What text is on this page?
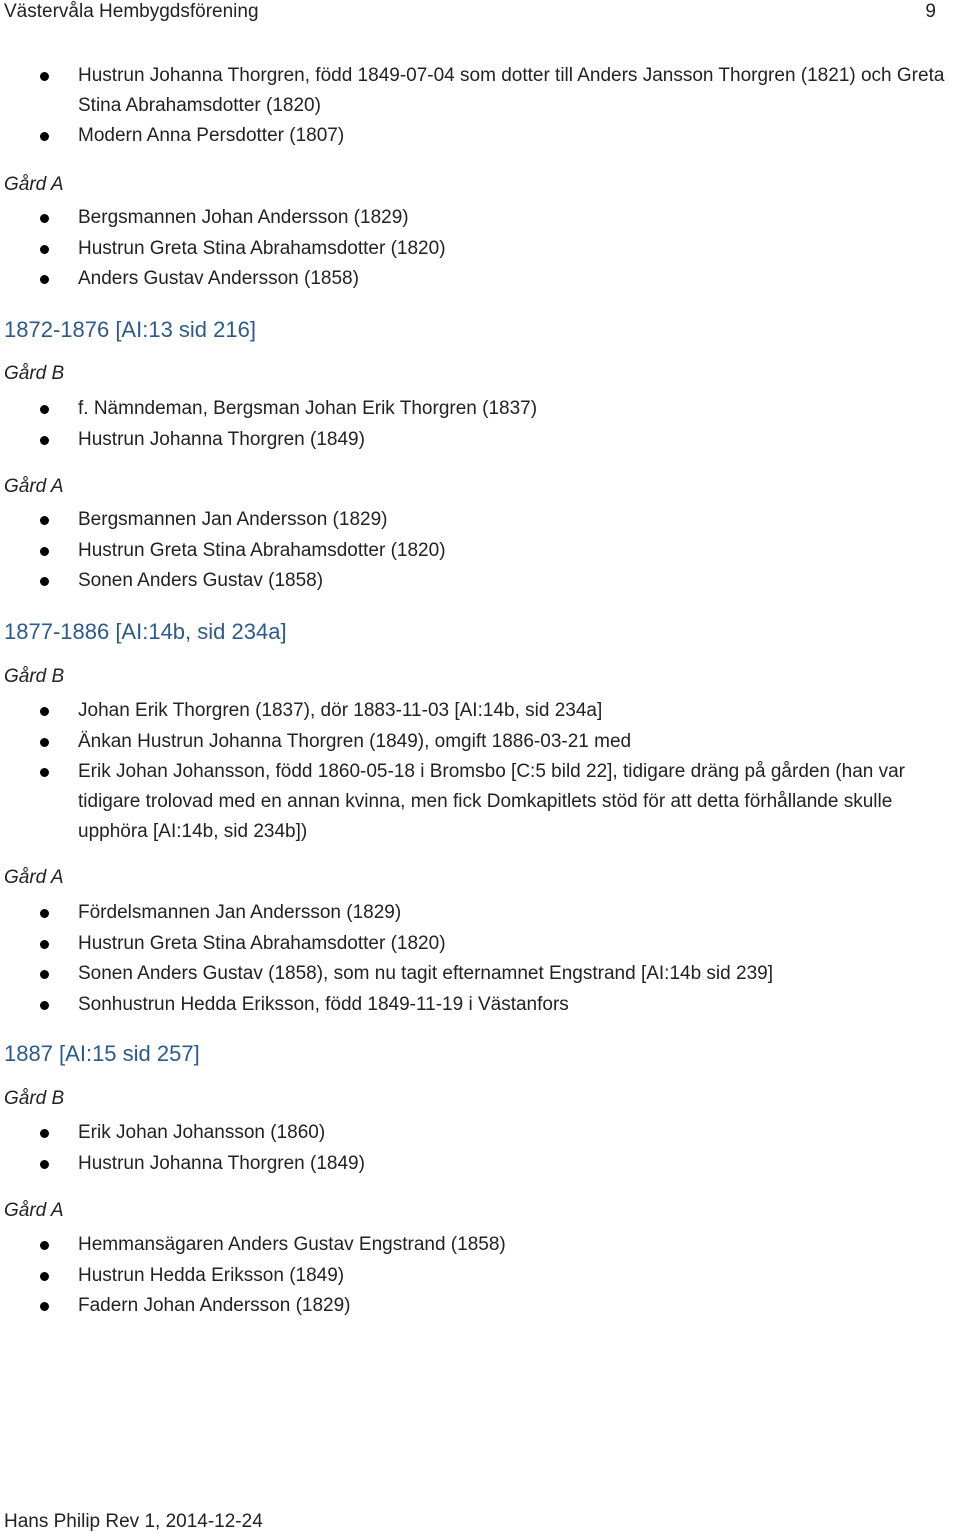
Västervåla Hembygdsförening	9
Hustrun Johanna Thorgren, född 1849-07-04 som dotter till Anders Jansson Thorgren (1821) och Greta Stina Abrahamsdotter (1820)
Modern Anna Persdotter (1807)
Gård A
Bergsmannen Johan Andersson (1829)
Hustrun Greta Stina Abrahamsdotter (1820)
Anders Gustav Andersson (1858)
1872-1876 [AI:13 sid 216]
Gård B
f. Nämndeman, Bergsman Johan Erik Thorgren (1837)
Hustrun Johanna Thorgren (1849)
Gård A
Bergsmannen Jan Andersson (1829)
Hustrun Greta Stina Abrahamsdotter (1820)
Sonen Anders Gustav (1858)
1877-1886 [AI:14b, sid 234a]
Gård B
Johan Erik Thorgren (1837), dör 1883-11-03 [AI:14b, sid 234a]
Änkan Hustrun Johanna Thorgren (1849), omgift 1886-03-21 med
Erik Johan Johansson, född 1860-05-18 i Bromsbo [C:5 bild 22], tidigare dräng på gården (han var tidigare trolovad med en annan kvinna, men fick Domkapitlets stöd för att detta förhållande skulle upphöra [AI:14b, sid 234b])
Gård A
Fördelsmannen Jan Andersson (1829)
Hustrun Greta Stina Abrahamsdotter (1820)
Sonen Anders Gustav (1858), som nu tagit efternamnet Engstrand [AI:14b sid 239]
Sonhustrun Hedda Eriksson, född 1849-11-19 i Västanfors
1887 [AI:15 sid 257]
Gård B
Erik Johan Johansson (1860)
Hustrun Johanna Thorgren (1849)
Gård A
Hemmansägaren Anders Gustav Engstrand (1858)
Hustrun Hedda Eriksson (1849)
Fadern Johan Andersson (1829)
Hans Philip Rev 1, 2014-12-24
